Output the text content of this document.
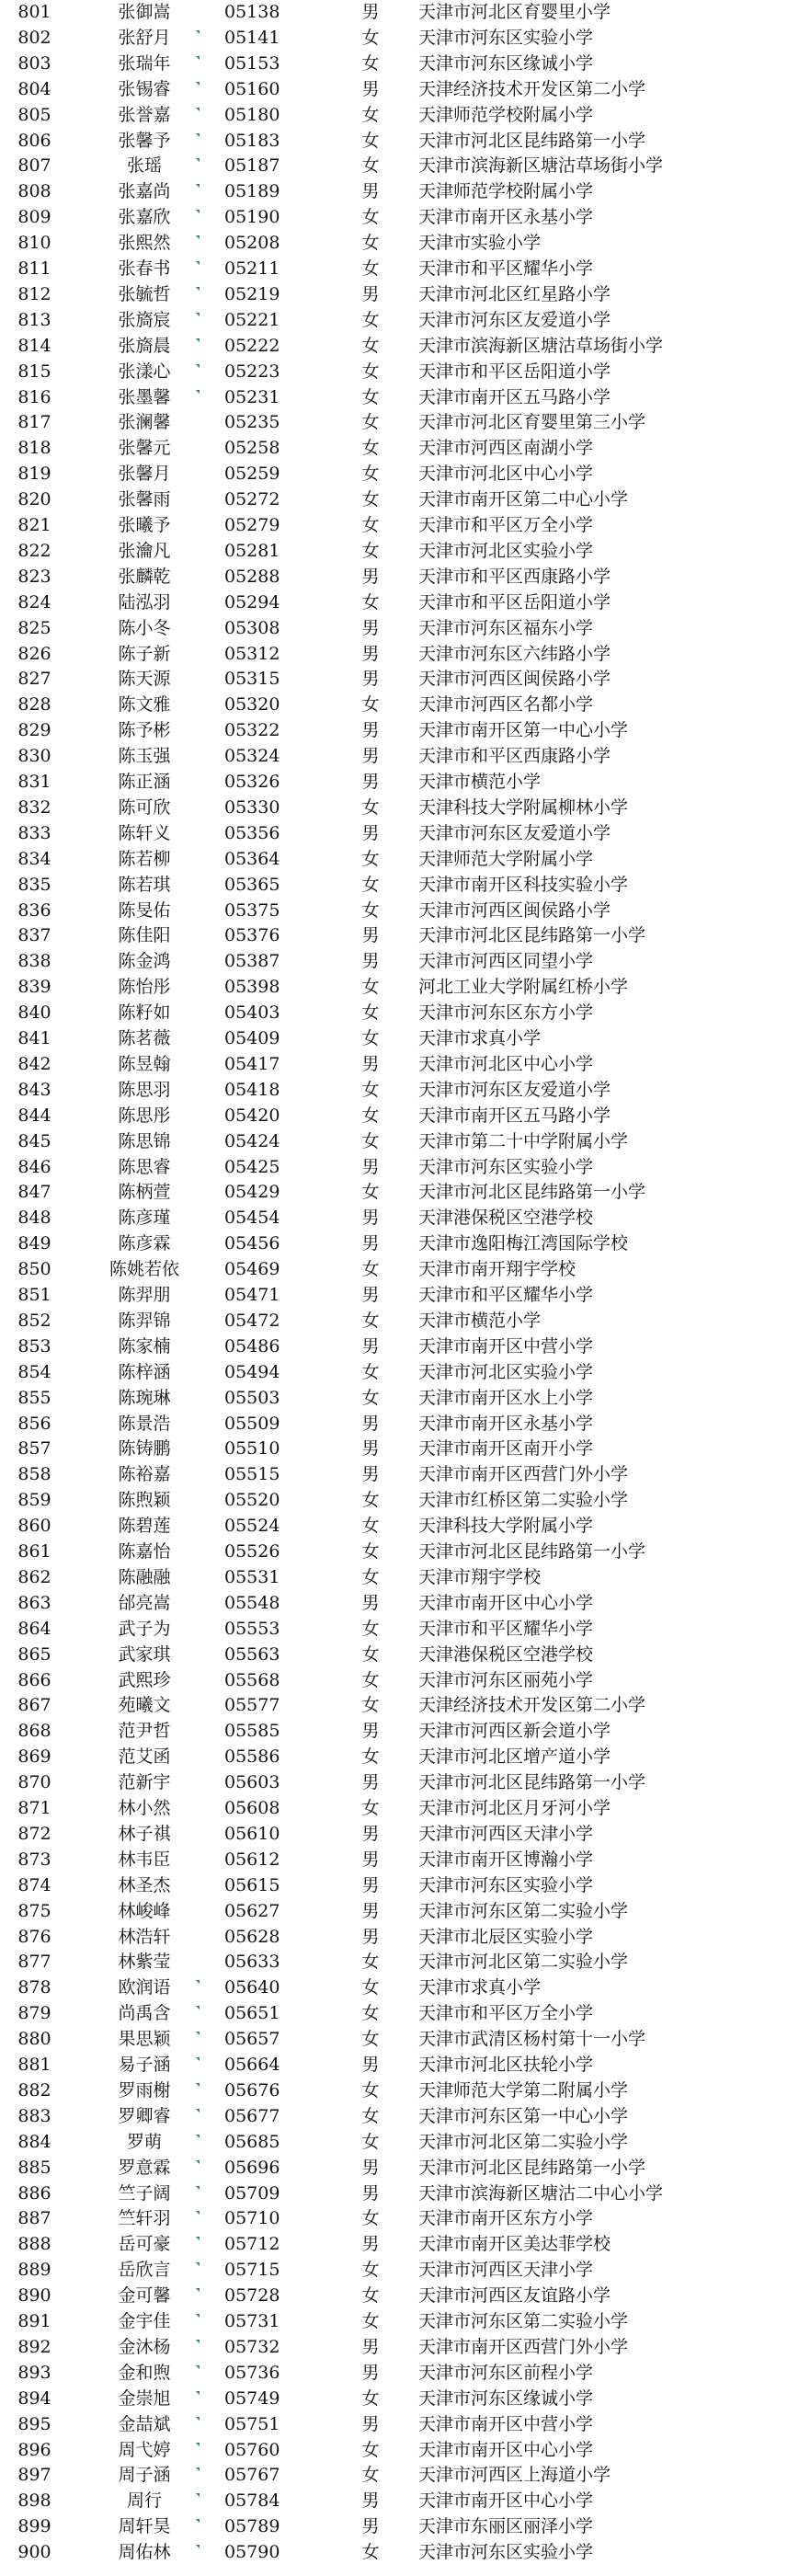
801	张御嵩	05138	男	天津市河北区育婴里小学
802	张舒月	05141	女	天津市河东区实验小学
803	张瑞年	05153	女	天津市河东区缘诚小学
804	张锡睿	05160	男	天津经济技术开发区第二小学
805	张誉嘉	05180	女	天津师范学校附属小学
806	张馨予	05183	女	天津市河北区昆纬路第一小学
807	张瑶	05187	女	天津市滨海新区塘沽草场街小学
808	张嘉尚	05189	男	天津师范学校附属小学
809	张嘉欣	05190	女	天津市南开区永基小学
810	张熙然	05208	女	天津市实验小学
811	张春书	05211	女	天津市和平区耀华小学
812	张毓哲	05219	男	天津市河北区红星路小学
813	张旖宸	05221	女	天津市河东区友爱道小学
814	张旖晨	05222	女	天津市滨海新区塘沽草场街小学
815	张漾心	05223	女	天津市和平区岳阳道小学
816	张墨馨	05231	女	天津市南开区五马路小学
817	张澜馨	05235	女	天津市河北区育婴里第三小学
818	张馨元	05258	女	天津市河西区南湖小学
819	张馨月	05259	女	天津市河北区中心小学
820	张馨雨	05272	女	天津市南开区第二中心小学
821	张曦予	05279	女	天津市和平区万全小学
822	张瀹凡	05281	女	天津市河北区实验小学
823	张麟乾	05288	男	天津市和平区西康路小学
824	陆泓羽	05294	女	天津市和平区岳阳道小学
825	陈小冬	05308	男	天津市河东区福东小学
826	陈子新	05312	男	天津市河东区六纬路小学
827	陈天源	05315	男	天津市河西区闽侯路小学
828	陈文雅	05320	女	天津市河西区名都小学
829	陈予彬	05322	男	天津市南开区第一中心小学
830	陈玉强	05324	男	天津市和平区西康路小学
831	陈正涵	05326	男	天津市横范小学
832	陈可欣	05330	女	天津科技大学附属柳林小学
833	陈轩义	05356	男	天津市河东区友爱道小学
834	陈若柳	05364	女	天津师范大学附属小学
835	陈若琪	05365	女	天津市南开区科技实验小学
836	陈旻佑	05375	女	天津市河西区闽侯路小学
837	陈佳阳	05376	男	天津市河北区昆纬路第一小学
838	陈金鸿	05387	男	天津市河西区同望小学
839	陈怡彤	05398	女	河北工业大学附属红桥小学
840	陈籽如	05403	女	天津市河东区东方小学
841	陈茗薇	05409	女	天津市求真小学
842	陈昱翰	05417	男	天津市河北区中心小学
843	陈思羽	05418	女	天津市河东区友爱道小学
844	陈思彤	05420	女	天津市南开区五马路小学
845	陈思锦	05424	女	天津市第二十中学附属小学
846	陈思睿	05425	男	天津市河东区实验小学
847	陈柄萱	05429	女	天津市河北区昆纬路第一小学
848	陈彦瑾	05454	男	天津港保税区空港学校
849	陈彦霖	05456	男	天津市逸阳梅江湾国际学校
850	陈姚若依	05469	女	天津市南开翔宇学校
851	陈羿朋	05471	男	天津市和平区耀华小学
852	陈羿锦	05472	女	天津市横范小学
853	陈家楠	05486	男	天津市南开区中营小学
854	陈梓涵	05494	女	天津市河北区实验小学
855	陈琬琳	05503	女	天津市南开区水上小学
856	陈景浩	05509	男	天津市南开区永基小学
857	陈铸鹏	05510	男	天津市南开区南开小学
858	陈裕嘉	05515	男	天津市南开区西营门外小学
859	陈煦颖	05520	女	天津市红桥区第二实验小学
860	陈碧莲	05524	女	天津科技大学附属小学
861	陈嘉怡	05526	女	天津市河北区昆纬路第一小学
862	陈融融	05531	女	天津市翔宇学校
863	邰亮嵩	05548	男	天津市南开区中心小学
864	武子为	05553	女	天津市和平区耀华小学
865	武家琪	05563	女	天津港保税区空港学校
866	武熙珍	05568	女	天津市河东区丽苑小学
867	苑曦文	05577	女	天津经济技术开发区第二小学
868	范尹哲	05585	男	天津市河西区新会道小学
869	范艾函	05586	女	天津市河北区增产道小学
870	范新宇	05603	男	天津市河北区昆纬路第一小学
871	林小然	05608	女	天津市河北区月牙河小学
872	林子祺	05610	男	天津市河西区天津小学
873	林韦臣	05612	男	天津市南开区博瀚小学
874	林圣杰	05615	男	天津市河东区实验小学
875	林峻峰	05627	男	天津市河东区第二实验小学
876	林浩轩	05628	男	天津市北辰区实验小学
877	林紫莹	05633	女	天津市河北区第二实验小学
878	欧润语	05640	女	天津市求真小学
879	尚禹含	05651	女	天津市和平区万全小学
880	果思颖	05657	女	天津市武清区杨村第十一小学
881	易子涵	05664	男	天津市河北区扶轮小学
882	罗雨榭	05676	女	天津师范大学第二附属小学
883	罗卿睿	05677	女	天津市河东区第一中心小学
884	罗萌	05685	女	天津市河北区第二实验小学
885	罗意霖	05696	男	天津市河北区昆纬路第一小学
886	竺子阔	05709	男	天津市滨海新区塘沽二中心小学
887	竺轩羽	05710	女	天津市南开区东方小学
888	岳可豪	05712	男	天津市南开区美达菲学校
889	岳欣言	05715	女	天津市河西区天津小学
890	金可馨	05728	女	天津市河西区友谊路小学
891	金宇佳	05731	女	天津市河东区第二实验小学
892	金沐杨	05732	男	天津市南开区西营门外小学
893	金和煦	05736	男	天津市河东区前程小学
894	金崇旭	05749	女	天津市河东区缘诚小学
895	金喆斌	05751	男	天津市南开区中营小学
896	周弋婷	05760	女	天津市南开区中心小学
897	周子涵	05767	女	天津市河西区上海道小学
898	周行	05784	男	天津市南开区中心小学
899	周轩昊	05789	男	天津市东丽区丽泽小学
900	周佑林	05790	女	天津市河东区实验小学
